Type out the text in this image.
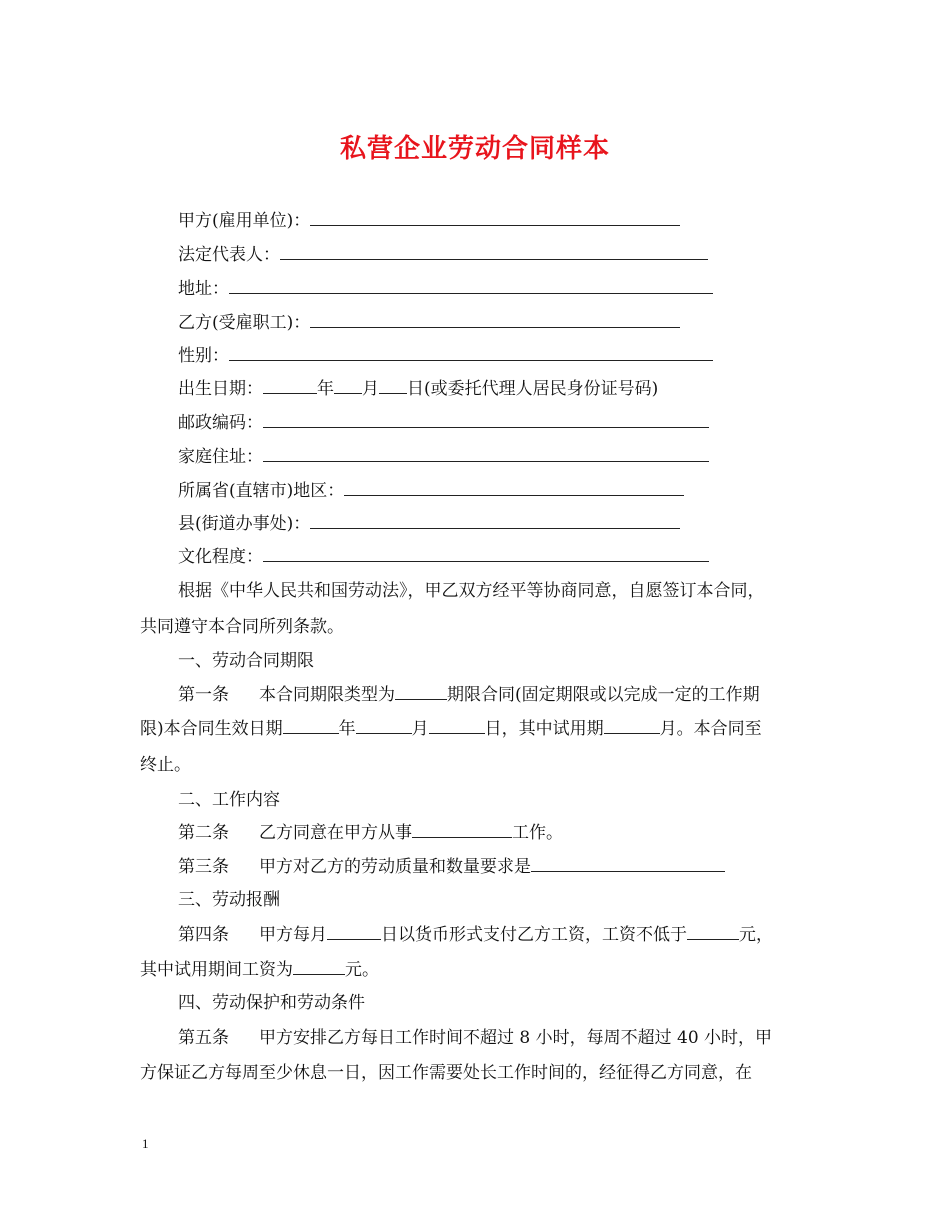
私营企业劳动合同样本
甲方(雇用单位)：
法定代表人：
地址：
乙方(受雇职工)：
性别：
出生日期：	年 月 日(或委托代理人居民身份证号码)
邮政编码：
家庭住址：
所属省(直辖市)地区：
县(街道办事处)：
文化程度：
根据《中华人民共和国劳动法》，甲乙双方经平等协商同意，自愿签订本合同，
共同遵守本合同所列条款。
一、劳动合同期限
第一条 本合同期限类型为	期限合同(固定期限或以完成一定的工作期
限)本合同生效日期	年	月	日，其中试用期	月。本合同至
终止。
二、工作内容
第二条 乙方同意在甲方从事	工作。
第三条 甲方对乙方的劳动质量和数量要求是
三、劳动报酬
第四条 甲方每月	日以货币形式支付乙方工资，工资不低于	元，
其中试用期间工资为	元。
四、劳动保护和劳动条件
第五条 甲方安排乙方每日工作时间不超过 8 小时，每周不超过 40 小时，甲
方保证乙方每周至少休息一日，因工作需要处长工作时间的，经征得乙方同意，在
1
